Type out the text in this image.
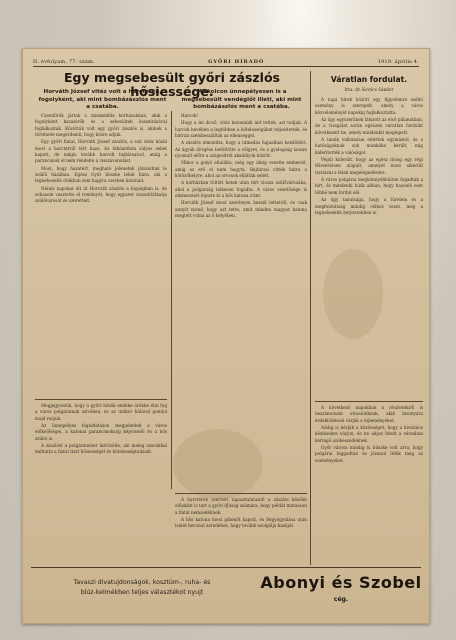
II. évfolyam, 77. szám.	GYŐRI HÍRADÓ	1919. április 4.
Egy megsebesült győri zászlós hősiessége.
Horváth József vitéz volt a harctéren, fogolyként, aki mint bombázászlós ment a csatába.
Miskolcon ünnepélyesen is a megsebesült vendéglőt illeti, aki mint bombázászlós ment a csatába.

Csendőrök jártak a mindenféle kórházakban, akik a fogolyként hazatérők és a sebesültek összeírásával foglalkoztak. Közöttük volt egy győri zászlós is, akinek a története megérdemli, hogy közre adjuk.

Egy győri fiatal, Horváth József zászlós, a sok vitéz közül most a harctérről tért haza. Az ütközetben súlyos sebet kapott, de mégis tovább harcolt bajtársaival, amíg a parancsnok el nem rendelte a visszavonulást.

Most, hogy hazatért, megható jelenetek játszódtak le szülői házában. Egész Győr büszke lehet fiára, aki a legnehezebb órákban sem hagyta cserben katonáit.

Nehéz napokat élt át Horváth zászlós a fogságban is, de sohasem vesztette el reményét, hogy egyszer viszontláthatja szülővárosát és szeretteit.

Harcok!

Hogy a mi dicső, vitéz katonáink mit tettek, azt tudjuk. A harcok hevében a legtöbben a kötelességüket teljesítették, és bátran szembeszálltak az ellenséggel.

A zászlós elmondta, hogy a támadás hajnalban kezdődött. Az ágyúk dörgése betöltötte a völgyet, és a gyalogság lassan nyomult előre a szögesdrót akadályok között.

Mikor a golyó eltalálta, még egy ideig vezette embereit, amíg az erő el nem hagyta. Bajtársai vitték hátra a kötözőhelyre, ahol az orvosok ellátták sebét.

A kórházban töltött hetek után tért vissza szülővárosába, ahol a polgárság lelkesen fogadta. A város vezetősége is elismerését fejezte ki a hős katona iránt.

Horváth József most szerényen beszél tetteiről, és csak annyit mond, hogy azt tette, amit minden magyar katona megtett volna az ő helyében.

Megjegyezzük, hogy a győri hősök emléke örökké élni fog a város polgárainak szívében, és az utókor hálával gondol majd reájuk.

Az ünnepélyes fogadtatáson megjelentek a város előkelőségei, a katonai parancsnokság képviselői és a hős szülei is.

A zászlóst a polgármester üdvözölte, aki meleg szavakkal méltatta a fiatal tiszt hősiességét és kötelességtudását.

A harctéren szerzett tapasztalatairól a zászlós később előadást is tart a győri ifjúság számára, hogy példát mutasson a fiatal nemzedéknek.

A hős katona most pihenőt kapott, és felgyógyulása után ismét bevonul ezredéhez, hogy tovább szolgálja hazáját.

Váratlan fordulat.
Irta: dr. Kovács Sándor

A napi hírek között egy figyelemre méltó esemény is szerepelt, amely a város közvéleményét napokig foglalkoztatta.

Az ügy egyszerűnek látszott az első pillanatban, de a vizsgálat során egészen váratlan fordulat következett be, amely mindenkit meglepett.

A tanúk vallomásai eltértek egymástól, és a hatóságoknak sok munkába került, míg kiderítették a valóságot.

Végül kiderült, hogy az egész dolog egy régi félreértésen alapult, amelyet most sikerült tisztázni a felek megelégedésére.

A város polgárai megkönnyebbülten fogadták a hírt, és mindenki bízik abban, hogy hasonló eset többé nem fordul elő.

Az ügy tanulsága, hogy a türelem és a megfontoltság mindig célhoz vezet, még a legnehezebb helyzetekben is.

A következő napokban a részletekről is beszámolunk olvasóinknak, akik bizonyára érdeklődéssel várják a fejleményeket.

Addig is kérjük a közönséget, hogy a hivatalos közlésekre várjon, és ne adjon hitelt a városban keringő szóbeszédeknek.

Győr városa mindig is büszke volt arra, hogy polgárai higgadtan és józanul ítélik meg az eseményeket.

Tavaszi divatujdonságok, kosztüm-, ruha- és
blúz-kelmékben teljes választékot nyujt
Abonyi és Szobel
cég.
